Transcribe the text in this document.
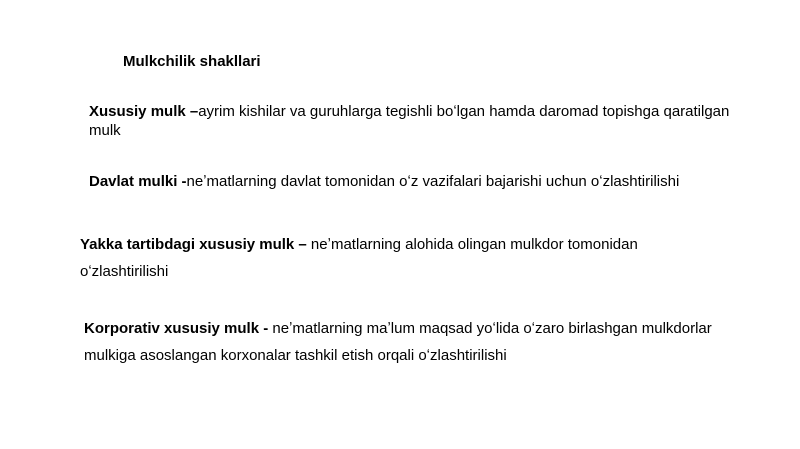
Mulkchilik shakllari
Xususiy mulk –ayrim kishilar va guruhlarga tegishli boʻlgan hamda daromad topishga qaratilgan mulk
Davlat mulki -neʼmatlarning davlat tomonidan oʻz vazifalari bajarishi uchun oʻzlashtirilishi
Yakka tartibdagi xususiy mulk – neʼmatlarning alohida olingan mulkdor tomonidan oʻzlashtirilishi
Korporativ xususiy mulk - neʼmatlarning maʼlum maqsad yoʻlida oʻzaro birlashgan mulkdorlar mulkiga asoslangan korxonalar tashkil etish orqali oʻzlashtirilishi
